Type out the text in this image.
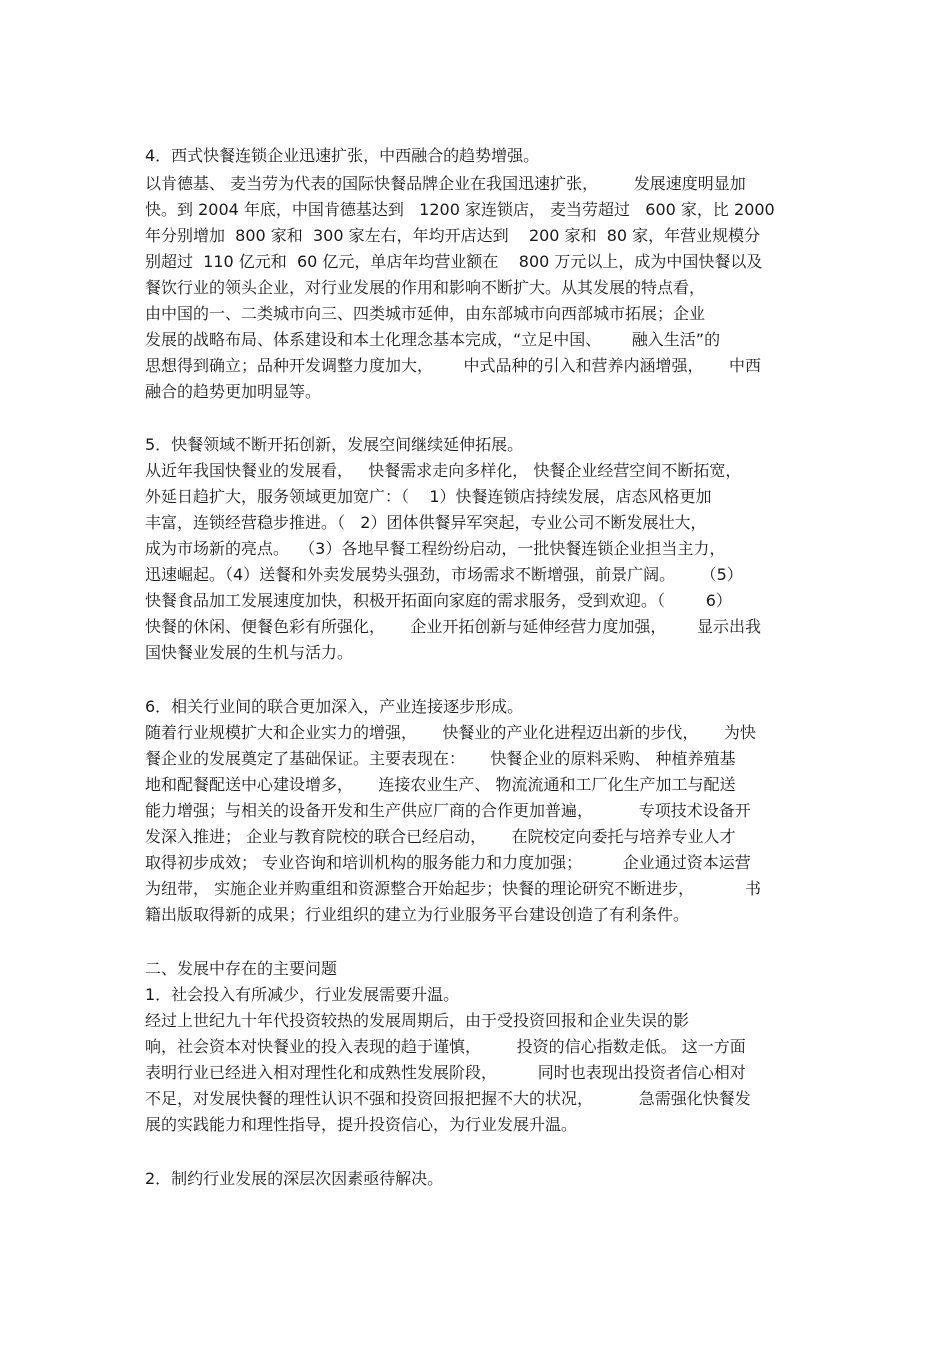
4．西式快餐连锁企业迅速扩张，中西融合的趋势增强。
以肯德基、 麦当劳为代表的国际快餐品牌企业在我国迅速扩张，       发展速度明显加
快。到 2004 年底，中国肯德基达到   1200 家连锁店， 麦当劳超过   600 家，比 2000
年分别增加  800 家和  300 家左右，年均开店达到    200 家和  80 家，年营业规模分
别超过  110 亿元和  60 亿元，单店年均营业额在    800 万元以上，成为中国快餐以及
餐饮行业的领头企业，对行业发展的作用和影响不断扩大。从其发展的特点看，
由中国的一、二类城市向三、四类城市延伸，由东部城市向西部城市拓展；企业
发展的战略布局、体系建设和本土化理念基本完成，“立足中国、      融入生活”的
思想得到确立；品种开发调整力度加大，      中式品种的引入和营养内涵增强，     中西
融合的趋势更加明显等。
5．快餐领域不断开拓创新，发展空间继续延伸拓展。
从近年我国快餐业的发展看，   快餐需求走向多样化， 快餐企业经营空间不断拓宽，
外延日趋扩大，服务领域更加宽广：（    1）快餐连锁店持续发展，店态风格更加
丰富，连锁经营稳步推进。（   2）团体供餐异军突起，专业公司不断发展壮大，
成为市场新的亮点。  （3）各地早餐工程纷纷启动，一批快餐连锁企业担当主力，
迅速崛起。（4）送餐和外卖发展势头强劲，市场需求不断增强，前景广阔。     （5）
快餐食品加工发展速度加快，积极开拓面向家庭的需求服务，受到欢迎。（        6）
快餐的休闲、便餐色彩有所强化，     企业开拓创新与延伸经营力度加强，      显示出我
国快餐业发展的生机与活力。
6．相关行业间的联合更加深入，产业连接逐步形成。
随着行业规模扩大和企业实力的增强，     快餐业的产业化进程迈出新的步伐，     为快
餐企业的发展奠定了基础保证。主要表现在：     快餐企业的原料采购、 种植养殖基
地和配餐配送中心建设增多，     连接农业生产、 物流流通和工厂化生产加工与配送
能力增强；与相关的设备开发和生产供应厂商的合作更加普遍，         专项技术设备开
发深入推进； 企业与教育院校的联合已经启动，     在院校定向委托与培养专业人才
取得初步成效； 专业咨询和培训机构的服务能力和力度加强；        企业通过资本运营
为纽带， 实施企业并购重组和资源整合开始起步；快餐的理论研究不断进步，          书
籍出版取得新的成果；行业组织的建立为行业服务平台建设创造了有利条件。
二、发展中存在的主要问题
1．社会投入有所减少，行业发展需要升温。
经过上世纪九十年代投资较热的发展周期后，由于受投资回报和企业失误的影
响，社会资本对快餐业的投入表现的趋于谨慎，       投资的信心指数走低。 这一方面
表明行业已经进入相对理性化和成熟性发展阶段，        同时也表现出投资者信心相对
不足，对发展快餐的理性认识不强和投资回报把握不大的状况，         急需强化快餐发
展的实践能力和理性指导，提升投资信心，为行业发展升温。
2．制约行业发展的深层次因素亟待解决。
